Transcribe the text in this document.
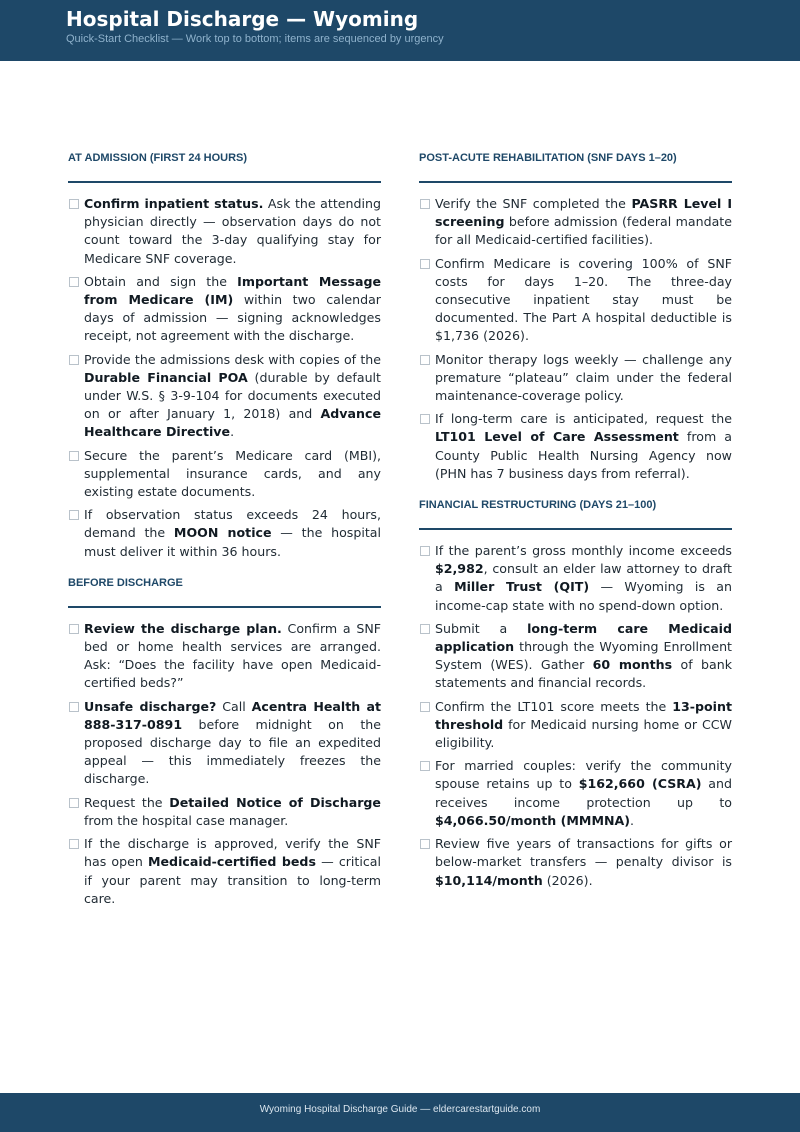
Hospital Discharge — Wyoming
Quick-Start Checklist — Work top to bottom; items are sequenced by urgency
AT ADMISSION (FIRST 24 HOURS)
Confirm inpatient status. Ask the attending physician directly — observation days do not count toward the 3-day qualifying stay for Medicare SNF coverage.
Obtain and sign the Important Message from Medicare (IM) within two calendar days of admission — signing acknowledges receipt, not agreement with the discharge.
Provide the admissions desk with copies of the Durable Financial POA (durable by default under W.S. § 3-9-104 for documents executed on or after January 1, 2018) and Advance Healthcare Directive.
Secure the parent’s Medicare card (MBI), supplemental insurance cards, and any existing estate documents.
If observation status exceeds 24 hours, demand the MOON notice — the hospital must deliver it within 36 hours.
BEFORE DISCHARGE
Review the discharge plan. Confirm a SNF bed or home health services are arranged. Ask: “Does the facility have open Medicaid-certified beds?”
Unsafe discharge? Call Acentra Health at 888-317-0891 before midnight on the proposed discharge day to file an expedited appeal — this immediately freezes the discharge.
Request the Detailed Notice of Discharge from the hospital case manager.
If the discharge is approved, verify the SNF has open Medicaid-certified beds — critical if your parent may transition to long-term care.
POST-ACUTE REHABILITATION (SNF DAYS 1–20)
Verify the SNF completed the PASRR Level I screening before admission (federal mandate for all Medicaid-certified facilities).
Confirm Medicare is covering 100% of SNF costs for days 1–20. The three-day consecutive inpatient stay must be documented. The Part A hospital deductible is $1,736 (2026).
Monitor therapy logs weekly — challenge any premature “plateau” claim under the federal maintenance-coverage policy.
If long-term care is anticipated, request the LT101 Level of Care Assessment from a County Public Health Nursing Agency now (PHN has 7 business days from referral).
FINANCIAL RESTRUCTURING (DAYS 21–100)
If the parent’s gross monthly income exceeds $2,982, consult an elder law attorney to draft a Miller Trust (QIT) — Wyoming is an income-cap state with no spend-down option.
Submit a long-term care Medicaid application through the Wyoming Enrollment System (WES). Gather 60 months of bank statements and financial records.
Confirm the LT101 score meets the 13-point threshold for Medicaid nursing home or CCW eligibility.
For married couples: verify the community spouse retains up to $162,660 (CSRA) and receives income protection up to $4,066.50/month (MMMNA).
Review five years of transactions for gifts or below-market transfers — penalty divisor is $10,114/month (2026).
Wyoming Hospital Discharge Guide — eldercarestartguide.com
